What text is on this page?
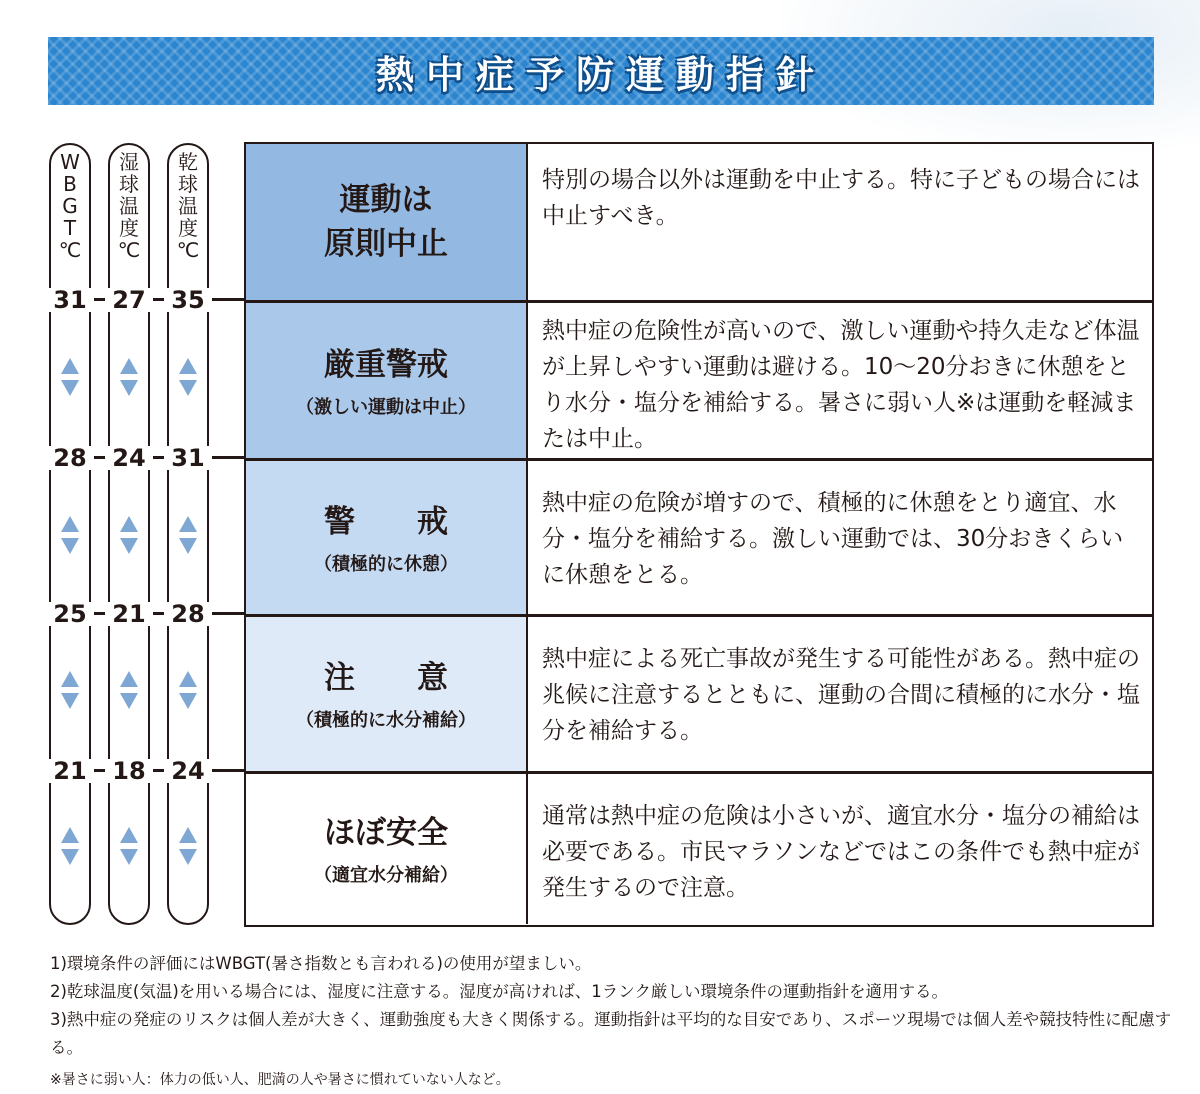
熱中症予防運動指針
W
B
G
T
℃
湿
球
温
度
℃
乾
球
温
度
℃
31
28
25
21
27
24
21
18
35
31
28
24
運動は
原則中止
特別の場合以外は運動を中止する。特に子どもの場合には中止すべき。
厳重警戒
（激しい運動は中止）
熱中症の危険性が高いので、激しい運動や持久走など体温が上昇しやすい運動は避ける。10〜20分おきに休憩をとり水分・塩分を補給する。暑さに弱い人※は運動を軽減または中止。
警　　戒
（積極的に休憩）
熱中症の危険が増すので、積極的に休憩をとり適宜、水分・塩分を補給する。激しい運動では、30分おきくらいに休憩をとる。
注　　意
（積極的に水分補給）
熱中症による死亡事故が発生する可能性がある。熱中症の兆候に注意するとともに、運動の合間に積極的に水分・塩分を補給する。
ほぼ安全
（適宜水分補給）
通常は熱中症の危険は小さいが、適宜水分・塩分の補給は必要である。市民マラソンなどではこの条件でも熱中症が発生するので注意。
1)環境条件の評価にはWBGT(暑さ指数とも言われる)の使用が望ましい。
2)乾球温度(気温)を用いる場合には、湿度に注意する。湿度が高ければ、1ランク厳しい環境条件の運動指針を適用する。
3)熱中症の発症のリスクは個人差が大きく、運動強度も大きく関係する。運動指針は平均的な目安であり、スポーツ現場では個人差や競技特性に配慮する。
※暑さに弱い人：体力の低い人、肥満の人や暑さに慣れていない人など。
